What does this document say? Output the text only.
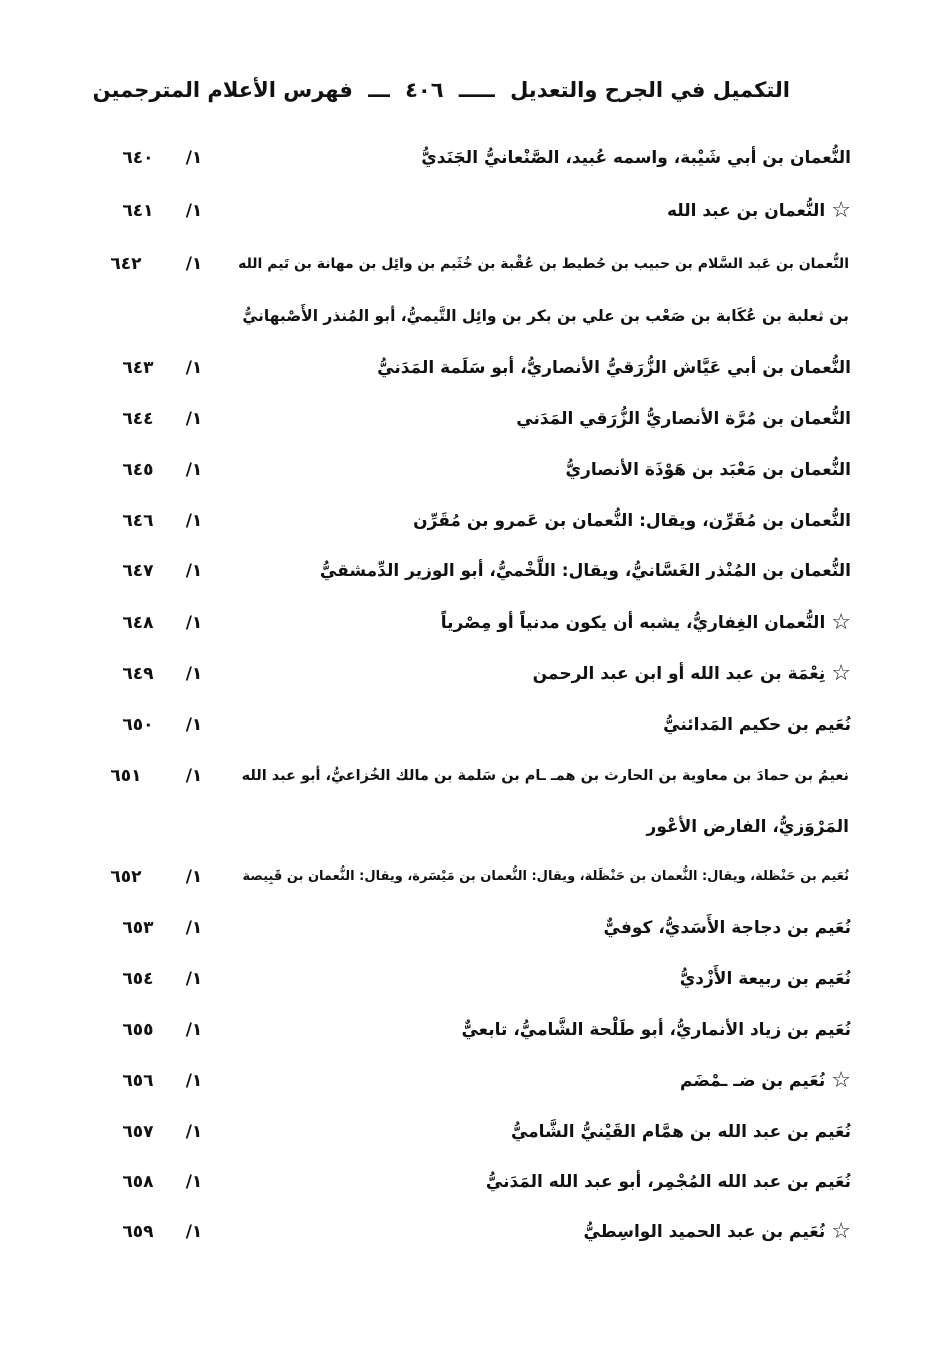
التكميل في الجرح والتعديل ـــــ ٤٠٦ ـــ فهرس الأعلام المترجمين
النُّعمان بن أبي شَيْبة، واسمه عُبيد، الصَّنْعانيُّ الجَنَديُّ
١/
٦٤٠
☆النُّعمان بن عبد الله
١/
٦٤١
النُّعمان بن عَبد السَّلام بن حبيب بن حُطيط بن عُقْبة بن خُثَيم بن وائِل بن مهانة بن تَيم الله
١/
٦٤٢
بن ثعلبة بن عُكَابة بن صَعْب بن علي بن بكر بن وائِل التَّيميُّ، أبو المُنذر الأَصْبهانيُّ
النُّعمان بن أبي عَيَّاش الزُّرَقيُّ الأنصاريُّ، أبو سَلَمة المَدَنيُّ
١/
٦٤٣
النُّعمان بن مُرَّة الأنصاريُّ الزُّرَقي المَدَني
١/
٦٤٤
النُّعمان بن مَعْبَد بن هَوْذَة الأنصاريُّ
١/
٦٤٥
النُّعمان بن مُقَرِّن، ويقال: النُّعمان بن عَمرو بن مُقَرِّن
١/
٦٤٦
النُّعمان بن المُنْذر الغَسَّانيُّ، ويقال: اللَّخْميُّ، أبو الوزير الدِّمشقيُّ
١/
٦٤٧
☆النُّعمان الغِفاريُّ، يشبه أن يكون مدنياً أو مِصْرياً
١/
٦٤٨
☆نِعْمَة بن عبد الله أو ابن عبد الرحمن
١/
٦٤٩
نُعَيم بن حكيم المَدائنيُّ
١/
٦٥٠
نعيمُ بن حمادَ بن معاوية بن الحارث بن همـ ـام بن سَلمة بن مالك الخُزاعيُّ، أبو عبد الله
١/
٦٥١
المَرْوَزيُّ، الفارض الأعْور
نُعَيم بن حَنْظلة، ويقال: النُّعمان بن حَنْظَلة، ويقال: النُّعمان بن مَيْسَرة، ويقال: النُّعمان بن قَبِيصة
١/
٦٥٢
نُعَيم بن دجاجة الأَسَديُّ، كوفيٌّ
١/
٦٥٣
نُعَيم بن ربيعة الأَزْديُّ
١/
٦٥٤
نُعَيم بن زياد الأنماريُّ، أبو طَلْحة الشَّاميُّ، تابعيٌّ
١/
٦٥٥
☆نُعَيم بن ضـ ـمْضَم
١/
٦٥٦
نُعَيم بن عبد الله بن همَّام القَيْنيُّ الشَّاميُّ
١/
٦٥٧
نُعَيم بن عبد الله المُجْمِر، أبو عبد الله المَدَنيُّ
١/
٦٥٨
☆نُعَيم بن عبد الحميد الواسِطيُّ
١/
٦٥٩
